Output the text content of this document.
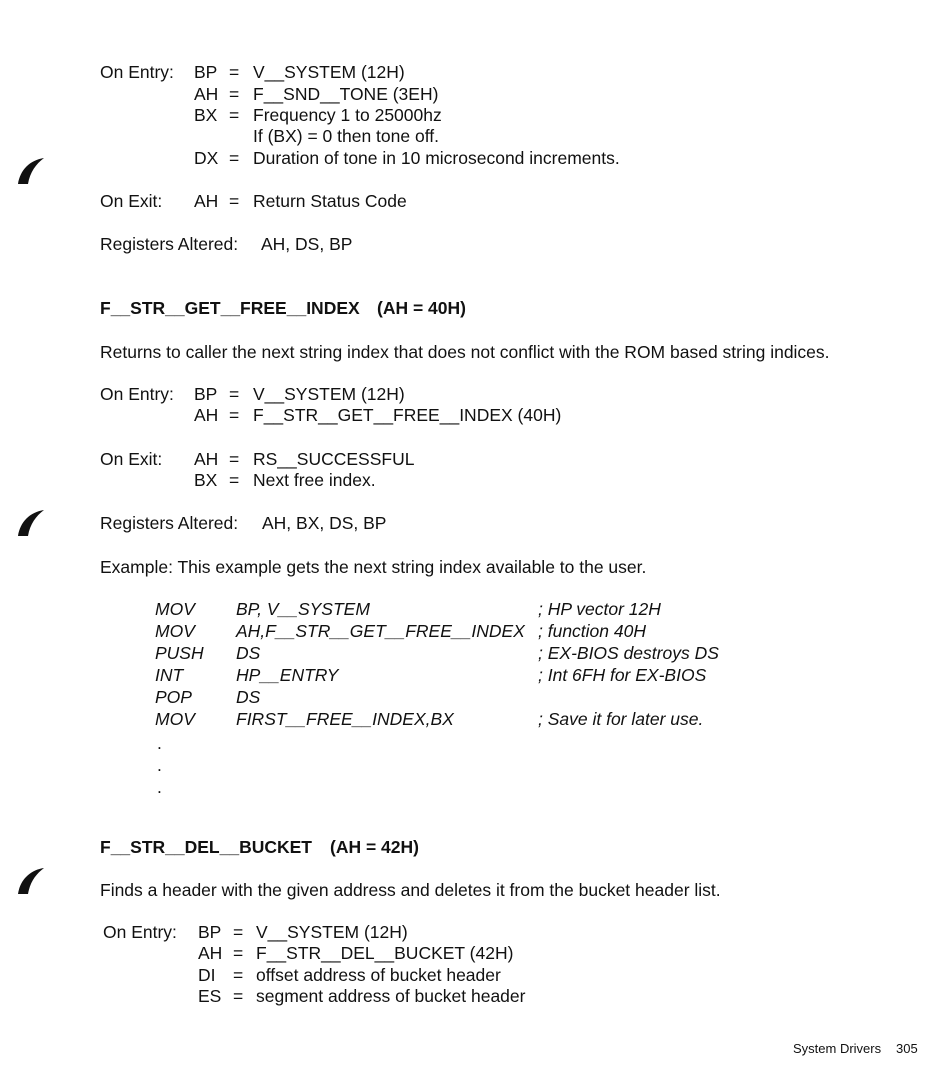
On Entry: BP = V__SYSTEM (12H)
AH = F__SND__TONE (3EH)
BX = Frequency 1 to 25000hz
If (BX) = 0 then tone off.
DX = Duration of tone in 10 microsecond increments.
On Exit: AH = Return Status Code
Registers Altered: AH, DS, BP
F__STR__GET__FREE__INDEX (AH = 40H)
Returns to caller the next string index that does not conflict with the ROM based string indices.
On Entry: BP = V__SYSTEM (12H)
AH = F__STR__GET__FREE__INDEX (40H)
On Exit: AH = RS__SUCCESSFUL
BX = Next free index.
Registers Altered: AH, BX, DS, BP
Example: This example gets the next string index available to the user.
MOV BP, V__SYSTEM	; HP vector 12H
MOV AH,F__STR__GET__FREE__INDEX ; function 40H
PUSH DS	; EX-BIOS destroys DS
INT	HP__ENTRY	; Int 6FH for EX-BIOS
POP	DS
MOV FIRST__FREE__INDEX,BX	; Save it for later use.
.
.
.
F__STR__DEL__BUCKET (AH = 42H)
Finds a header with the given address and deletes it from the bucket header list.
On Entry: BP = V__SYSTEM (12H)
AH = F__STR__DEL__BUCKET (42H)
DI = offset address of bucket header
ES = segment address of bucket header
System Drivers 305
